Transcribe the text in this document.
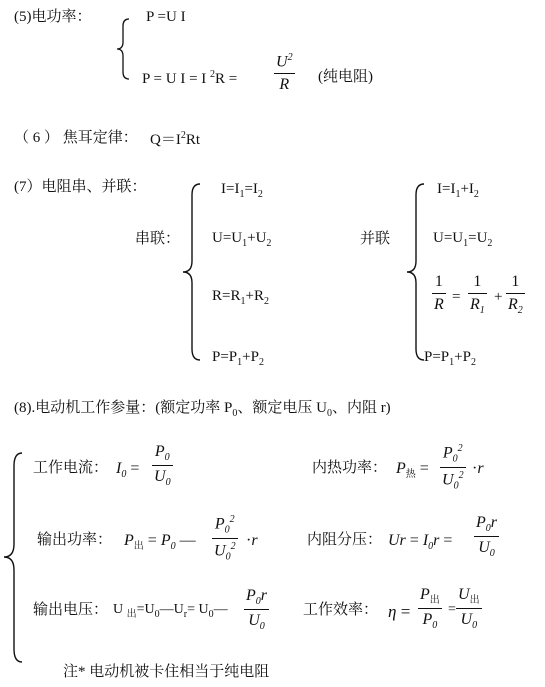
(5)电功率：	P =U I
P = U I = I $^2$R =
$U^2$
R (纯电阻)
（ 6 ） 焦耳定律： $Q=I^2Rt$
(7）电阻串、并联：
串联：
$I=I_1=I_2$
$U=U_1+U_2$
$R=R_1+R_2$
$P=P_1+P_2$
并联
$I=I_1+I_2$
$U=U_1=U_2$
1
R =
1
$R_1$
+
1
$R_2$
$P=P_1+P_2$
(8).电动机工作参量：(额定功率 $P_0$、额定电压 $U_0$、内阻 r)
工作电流： $I_0$ =
$P_0$
$U_0$
内热功率： $P_热$ =
$P_0^2$
$U_0^2 \cdot r$
输出功率： $P_出 = P_0$ —
$P_0^2$
$U_0^2 \cdot r$	内阻分压： $Ur = I_0r$ =
$P_0r$
$U_0$
输出电压： U $_出=U_0—U_r=$ $U_0—$
$P_0r$
$U_0$
工作效率： η =
$P_出$
$P_0$
=
$U_出$
$U_0$
注* 电动机被卡住相当于纯电阻
